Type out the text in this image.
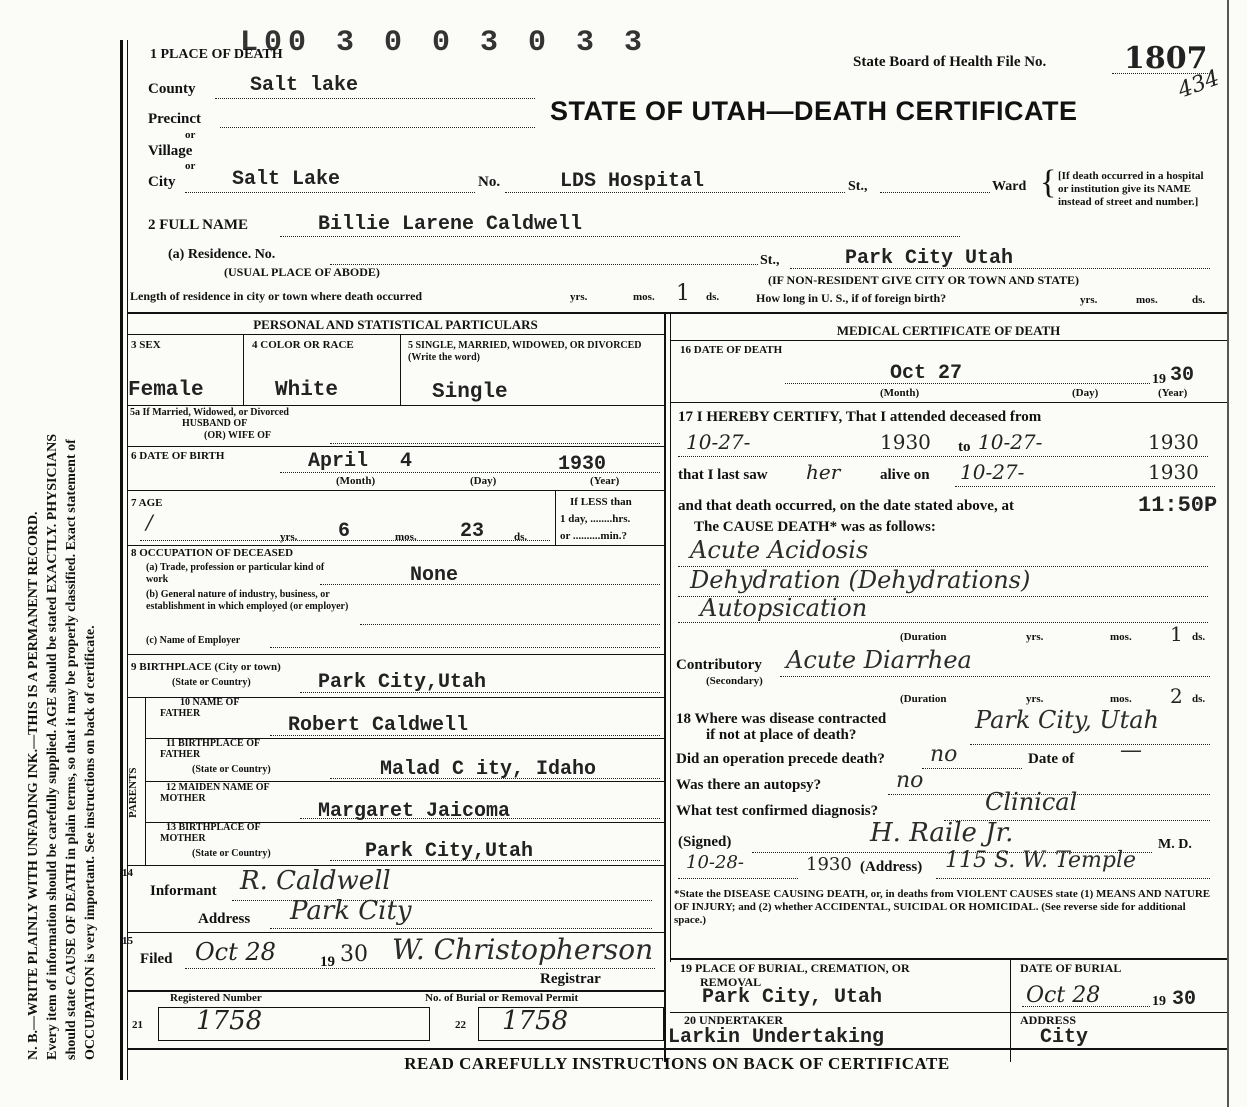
N. B.—WRITE PLAINLY WITH UNFADING INK.—THIS IS A PERMANENT RECORD. Every item of information should be carefully supplied. AGE should be stated EXACTLY. PHYSICIANS should state CAUSE OF DEATH in plain terms, so that it may be properly classified. Exact statement of OCCUPATION is very important. See instructions on back of certificate.
L00 3 0 0 3 0 3 3
1 PLACE OF DEATH	State Board of Health File No.	1807
434
STATE OF UTAH—DEATH CERTIFICATE
County	Salt lake
Precinct
or
Village
or
City	Salt Lake	No.	LDS Hospital	St.,	Ward { [If death occurred in a hospital or institution give its NAME instead of street and number.]
2 FULL NAME	Billie Larene Caldwell
(a) Residence. No.
(USUAL PLACE OF ABODE)
St.,	Park City Utah
(IF NON-RESIDENT GIVE CITY OR TOWN AND STATE)
Length of residence in city or town where death occurred	yrs.	mos. 1 ds.	How long in U. S., if of foreign birth?	yrs.	mos.	ds.
PERSONAL AND STATISTICAL PARTICULARS
3 SEX	4 COLOR OR RACE	5 SINGLE, MARRIED, WIDOWED, OR DIVORCED (Write the word)
Female	White	Single
5a If Married, Widowed, or Divorced
HUSBAND OF
(OR) WIFE OF
6 DATE OF BIRTH	April 4	1930
(Month)	(Day)	(Year)
7 AGE
/
yrs. 6	mos. 23	ds.
If LESS than
1 day, ........hrs.
or ..........min.?
8 OCCUPATION OF DECEASED
(a) Trade, profession or particular kind of work	None
(b) General nature of industry, business, or establishment in which employed (or employer)
(c) Name of Employer
9 BIRTHPLACE (City or town)
(State or Country)	Park City,Utah
PARENTS
10 NAME OF FATHER
Robert Caldwell
11 BIRTHPLACE OF FATHER
(State or Country)	Malad C ity, Idaho
12 MAIDEN NAME OF MOTHER
Margaret Jaicoma
13 BIRTHPLACE OF MOTHER
(State or Country)	Park City,Utah
14
Informant R. Caldwell
Address Park City
15
Filed Oct 28	19 30 W. Christopherson
Registrar
Registered Number	No. of Burial or Removal Permit
21 1758	22 1758
MEDICAL CERTIFICATE OF DEATH
16 DATE OF DEATH
Oct 27	19 30
(Month)	(Day)	(Year)
17 I HEREBY CERTIFY, That I attended deceased from
10-27-	1930 to 10-27-	1930
that I last saw her	alive on 10-27-	1930
and that death occurred, on the date stated above, at	11:50P
The CAUSE DEATH* was as follows:
Acute Acidosis
Dehydration (Dehydrations)
Autopsication
(Duration	yrs.	mos. 1 ds.
Contributory
(Secondary)
Acute Diarrhea
(Duration	yrs.	mos. 2 ds.
18 Where was disease contracted
if not at place of death?
Park City, Utah
Did an operation precede death? no	Date of —
Was there an autopsy?	no
What test confirmed diagnosis?	Clinical
(Signed)	H. Raile Jr.	M. D.
10-28-	1930 (Address) 115 S. W. Temple
*State the DISEASE CAUSING DEATH, or, in deaths from VIOLENT CAUSES state (1) MEANS AND NATURE OF INJURY; and (2) whether ACCIDENTAL, SUICIDAL OR HOMICIDAL. (See reverse side for additional space.)
19 PLACE OF BURIAL, CREMATION, OR
REMOVAL
Park City, Utah
DATE OF BURIAL
Oct 28	19 30
20 UNDERTAKER
Larkin Undertaking
ADDRESS
City
READ CAREFULLY INSTRUCTIONS ON BACK OF CERTIFICATE
